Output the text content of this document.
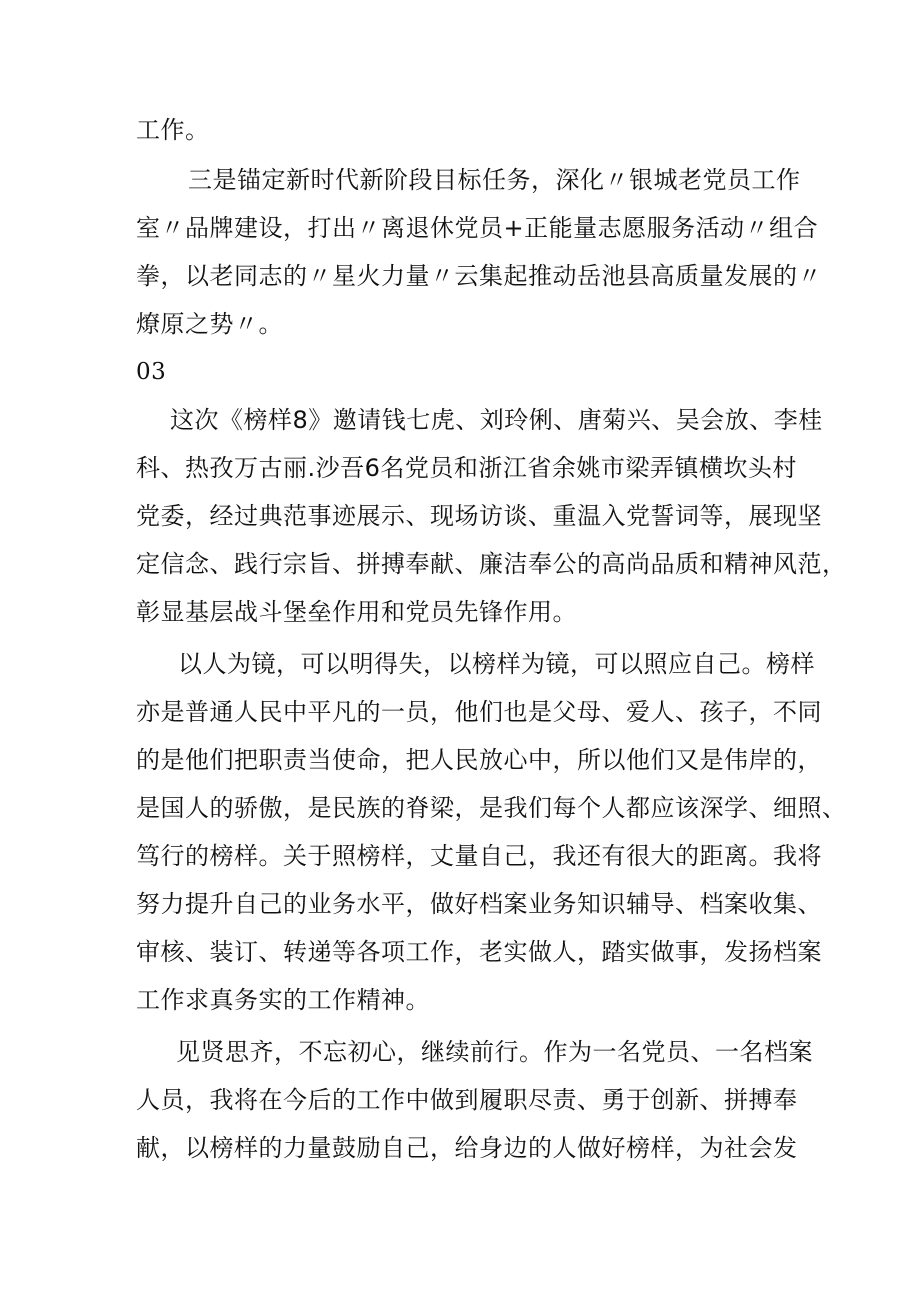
工作。
三是锚定新时代新阶段目标任务，深化〃银城老党员工作
室〃品牌建设，打出〃离退休党员+正能量志愿服务活动〃组合
拳，以老同志的〃星火力量〃云集起推动岳池县高质量发展的〃
燎原之势〃。
03
这次《榜样8》邀请钱七虎、刘玲俐、唐菊兴、吴会放、李桂
科、热孜万古丽.沙吾6名党员和浙江省余姚市梁弄镇横坎头村
党委，经过典范事迹展示、现场访谈、重温入党誓词等，展现坚
定信念、践行宗旨、拼搏奉献、廉洁奉公的高尚品质和精神风范，
彰显基层战斗堡垒作用和党员先锋作用。
以人为镜，可以明得失，以榜样为镜，可以照应自己。榜样
亦是普通人民中平凡的一员，他们也是父母、爱人、孩子，不同
的是他们把职责当使命，把人民放心中，所以他们又是伟岸的，
是国人的骄傲，是民族的脊梁，是我们每个人都应该深学、细照、
笃行的榜样。关于照榜样，丈量自己，我还有很大的距离。我将
努力提升自己的业务水平，做好档案业务知识辅导、档案收集、
审核、装订、转递等各项工作，老实做人，踏实做事，发扬档案
工作求真务实的工作精神。
见贤思齐，不忘初心，继续前行。作为一名党员、一名档案
人员，我将在今后的工作中做到履职尽责、勇于创新、拼搏奉
献，以榜样的力量鼓励自己，给身边的人做好榜样，为社会发
